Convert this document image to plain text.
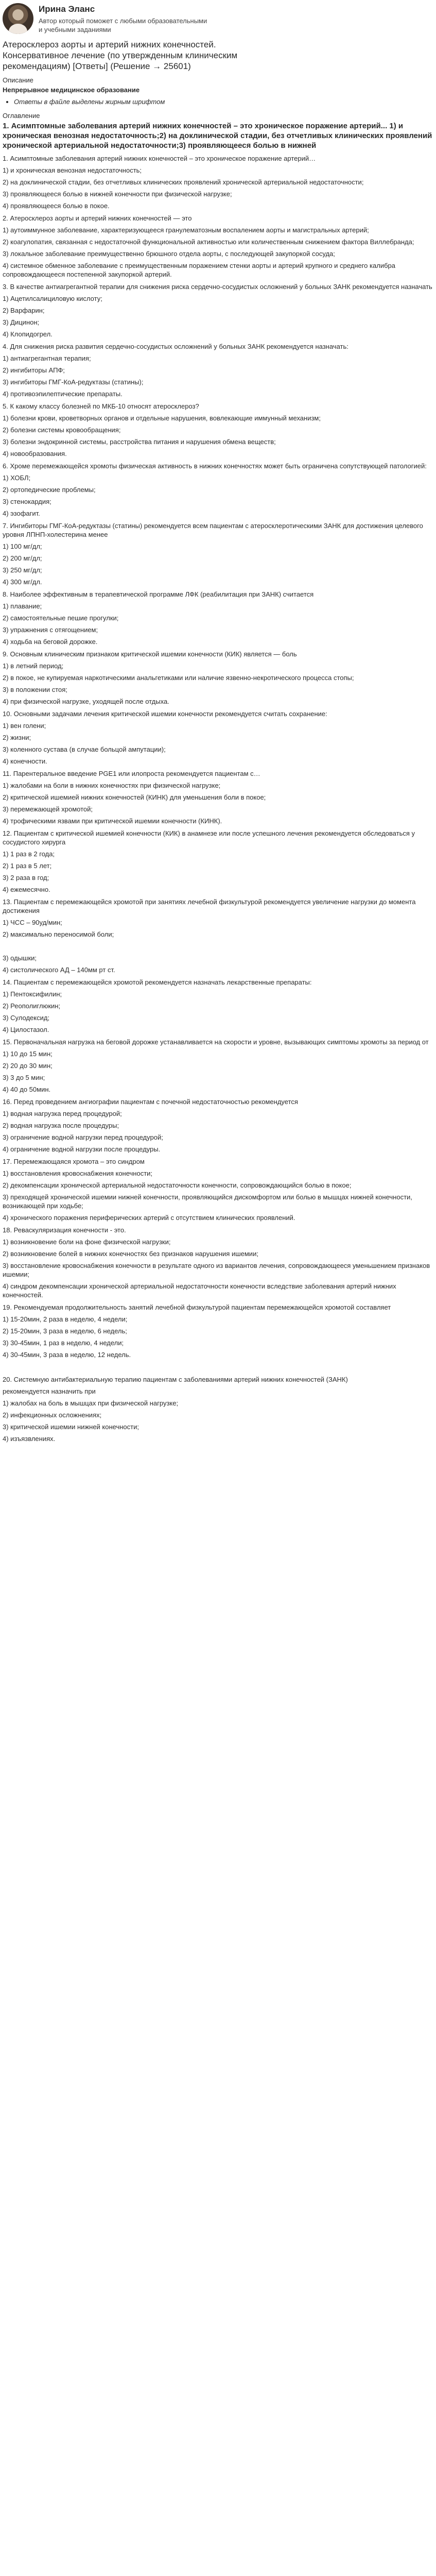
Ирина Эланс
Автор который поможет с любыми образовательными и учебными заданиями
Атеросклероз аорты и артерий нижних конечностей. Консервативное лечение (по утвержденным клиническим рекомендациям) [Ответы] (Решение → 25601)
Описание
Непрерывное медицинское образование
• Ответы в файле выделены жирным шрифтом
Оглавление
1. Асимптомные заболевания артерий нижних конечностей – это хроническое поражение артерий... 1) и хроническая венозная недостаточность;2) на доклинической стадии, без отчетливых клинических проявлений хронической артериальной недостаточности;3) проявляющееся болью в нижней

1. Асимптомные заболевания артерий нижних конечностей – это хроническое поражение артерий…

1) и хроническая венозная недостаточность;

2) на доклинической стадии, без отчетливых клинических проявлений хронической артериальной недостаточности;

3) проявляющееся болью в нижней конечности при физической нагрузке;

4) проявляющееся болью в покое.

2. Атеросклероз аорты и артерий нижних конечностей — это

1) аутоиммунное заболевание, характеризующееся гранулематозным воспалением аорты и магистральных артерий;

2) коагулопатия, связанная с недостаточной функциональной активностью или количественным снижением фактора Виллебранда;

3) локальное заболевание преимущественно брюшного отдела аорты, с последующей закупоркой сосуда;

4) системное обменное заболевание с преимущественным поражением стенки аорты и артерий крупного и среднего калибра сопровождающееся постепенной закупоркой артерий.

3. В качестве антиагрегантной терапии для снижения риска сердечно-сосудистых осложнений у больных ЗАНК рекомендуется назначать

1) Ацетилсалициловую кислоту;

2) Варфарин;

3) Дицинон;

4) Клопидогрел.

4. Для снижения риска развития сердечно-сосудистых осложнений у больных ЗАНК рекомендуется назначать:

1) антиагрегантная терапия;

2) ингибиторы АПФ;

3) ингибиторы ГМГ-КоА-редуктазы (статины);

4) противоэпилептические препараты.

5. К какому классу болезней по МКБ-10 относят атеросклероз?

1) болезни крови, кроветворных органов и отдельные нарушения, вовлекающие иммунный механизм;

2) болезни системы кровообращения;

3) болезни эндокринной системы, расстройства питания и нарушения обмена веществ;

4) новообразования.

6. Хроме перемежающейся хромоты физическая активность в нижних конечностях может быть ограничена сопутствующей патологией:

1) ХОБЛ;

2) ортопедические проблемы;

3) стенокардия;

4) эзофагит.

7. Ингибиторы ГМГ-КоА-редуктазы (статины) рекомендуется всем пациентам с атеросклеротическими ЗАНК для достижения целевого уровня ЛПНП-холестерина менее

1) 100 мг/дл;

2) 200 мг/дл;

3) 250 мг/дл;

4) 300 мг/дл.

8. Наиболее эффективным в терапевтической программе ЛФК (реабилитация при ЗАНК) считается

1) плавание;

2) самостоятельные пешие прогулки;

3) упражнения с отягощением;

4) ходьба на беговой дорожке.

9. Основным клиническим признаком критической ишемии конечности (КИК) является — боль

1) в летний период;

2) в покое, не купируемая наркотическими анальгетиками или наличие язвенно-некротического процесса стопы;

3) в положении стоя;

4) при физической нагрузке, уходящей после отдыха.

10. Основными задачами лечения критической ишемии конечности рекомендуется считать сохранение:

1) вен голени;

2) жизни;

3) коленного сустава (в случае больцой ампутации);

4) конечности.

11. Парентеральное введение PGE1 или илопроста рекомендуется пациентам с…

1) жалобами на боли в нижних конечностях при физической нагрузке;

2) критической ишемией нижних конечностей (КИНК) для уменьшения боли в покое;

3) перемежающей хромотой;

4) трофическими язвами при критической ишемии конечности (КИНК).

12. Пациентам с критической ишемией конечности (КИК) в анамнезе или после успешного лечения рекомендуется обследоваться у сосудистого хирурга

1) 1 раз в 2 года;

2) 1 раз в 5 лет;

3) 2 раза в год;

4) ежемесячно.

13. Пациентам с перемежающейся хромотой при занятиях лечебной физкультурой рекомендуется увеличение нагрузки до момента достижения

1) ЧСС – 90уд/мин;

2) максимально переносимой боли;

3) одышки;

4) систолического АД – 140мм рт ст.

14. Пациентам с перемежающейся хромотой рекомендуется назначать лекарственные препараты:

1) Пентоксифилин;

2) Реополиглюкин;

3) Сулодексид;

4) Цилостазол.

15. Первоначальная нагрузка на беговой дорожке устанавливается на скорости и уровне, вызывающих симптомы хромоты за период от

1) 10 до 15 мин;

2) 20 до 30 мин;

3) 3 до 5 мин;

4) 40 до 50мин.

16. Перед проведением ангиографии пациентам с почечной недостаточностью рекомендуется

1) водная нагрузка перед процедурой;

2) водная нагрузка после процедуры;

3) ограничение водной нагрузки перед процедурой;

4) ограничение водной нагрузки после процедуры.

17. Перемежающаяся хромота – это синдром

1) восстановления кровоснабжения конечности;

2) декомпенсации хронической артериальной недостаточности конечности, сопровождающийся болью в покое;

3) преходящей хронической ишемии нижней конечности, проявляющийся дискомфортом или болью в мышцах нижней конечности, возникающей при ходьбе;

4) хронического поражения периферических артерий с отсутствием клинических проявлений.

18. Реваскуляризация конечности - это.

1) возникновение боли на фоне физической нагрузки;

2) возникновение болей в нижних конечностях без признаков нарушения ишемии;

3) восстановление кровоснабжения конечности в результате одного из вариантов лечения, сопровождающееся уменьшением признаков ишемии;

4) синдром декомпенсации хронической артериальной недостаточности конечности вследствие заболевания артерий нижних конечностей.

19. Рекомендуемая продолжительность занятий лечебной физкультурой пациентам перемежающейся хромотой составляет

1) 15-20мин, 2 раза в неделю, 4 недели;

2) 15-20мин, 3 раза в неделю, 6 недель;

3) 30-45мин, 1 раз в неделю, 4 недели;

4) 30-45мин, 3 раза в неделю, 12 недель.

20. Системную антибактериальную терапию пациентам с заболеваниями артерий нижних конечностей (ЗАНК)

рекомендуется назначить при

1) жалобах на боль в мышцах при физической нагрузке;

2) инфекционных осложнениях;

3) критической ишемии нижней конечности;

4) изъязвлениях.
